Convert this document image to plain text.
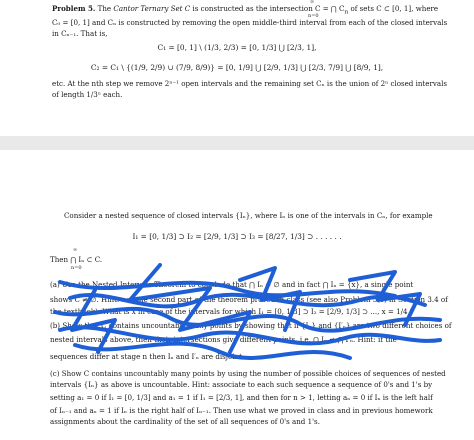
Problem 5. The Cantor Ternary Set C is constructed as the intersection C = ⋂ $C_n$ of sets C ⊂ [0, 1], where
∞
n=0
C₀ = [0, 1] and Cₙ is constructed by removing the open middle-third interval from each of the closed intervals
in Cₙ₋₁. That is,
C₁ = [0, 1] \ (1/3, 2/3) = [0, 1/3] ⋃ [2/3, 1],
C₂ = C₁ \ {(1/9, 2/9) ∪ (7/9, 8/9)} = [0, 1/9] ⋃ [2/9, 1/3] ⋃ [2/3, 7/9] ⋃ [8/9, 1],
etc. At the nth step we remove 2ⁿ⁻¹ open intervals and the remaining set Cₙ is the union of 2ⁿ closed intervals
of length 1/3ⁿ each.
Consider a nested sequence of closed intervals {Iₙ}, where Iₙ is one of the intervals in Cₙ, for example
I₁ = [0, 1/3] ⊃ I₂ = [2/9, 1/3] ⊃ I₃ = [8/27, 1/3] ⊃ . . . . . .
Then ⋂ Iₙ ⊂ C.
∞
n=0
(a) Use the Nested Intervals Theorem to conclude that ⋂ Iₙ ≠ ∅ and in fact ⋂ Iₙ = {x}, a single point
shows C ≠ ∅. Hint: use the second part of the theorem proved in class (see also Problem 5(c) in Section 3.4 of
the textbook). What is x in case of the intervals for which I₁ = [0, 1/3] ⊃ I₂ = [2/9, 1/3] ⊃ ..., x = 1/4 ?
(b) Show that C contains uncountably many points by showing that if {Iₙ} and {I′ₙ} are two different choices of
nested intervals above, then their intersections give different points, i.e. ⋂ Iₙ ≠ ⋂ I′ₙ. Hint: if the
sequences differ at stage n then Iₙ and I′ₙ are disjoint.
(c) Show C contains uncountably many points by using the number of possible choices of sequences of nested
intervals {Iₙ} as above is uncountable. Hint: associate to each such sequence a sequence of 0's and 1's by
setting a₁ = 0 if I₁ = [0, 1/3] and a₁ = 1 if I₁ = [2/3, 1], and then for n > 1, letting aₙ = 0 if Iₙ is the left half
of Iₙ₋₁ and aₙ = 1 if Iₙ is the right half of Iₙ₋₁. Then use what we proved in class and in previous homework
assignments about the cardinality of the set of all sequences of 0's and 1's.
